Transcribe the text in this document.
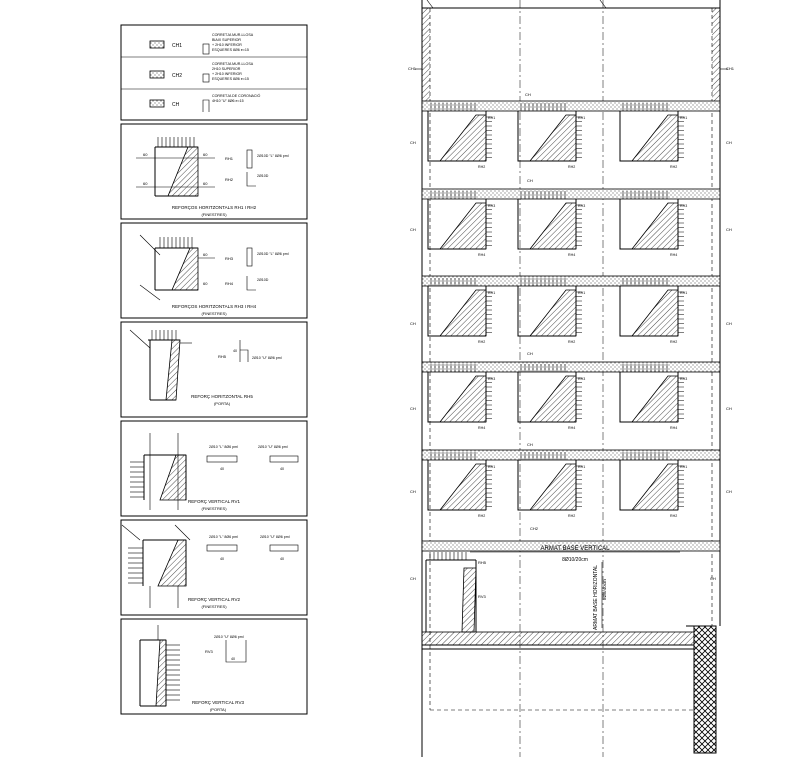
CH1
CORRETJA MUR-LLOSA
BIAIX SUPERIOR
+ 2H10 INFERIOR
ESQUERES 8Ø6 e=15
CH2
CORRETJA MUR-LLOSA
2H10 SUPERIOR
+ 2H10 INFERIOR
ESQUERES 8Ø6 e=15
CH
CORRETJA DE CORONACIÓ
4H10 "U" 8Ø6 e=15
60
60
60
60
RH1	2Ø10D "L" 8Ø6 pml
RH2
2Ø10D
REFORÇOS HORITZONTALS RH1 I RH2
(FINESTRES)
60
60
RH3
2Ø10D "L" 8Ø6 pml
RH4
2Ø10D
REFORÇOS HORITZONTALS RH3 I RH4
(FINESTRES)
RH5
40
2Ø10 "U" 8Ø6 pml
REFORÇ HORITZONTAL RH5
(PORTA)
2Ø10 "L" 8Ø6 pml
40
2Ø10 "U" 8Ø6 pml
40
REFORÇ VERTICAL RV1
(FINESTRES)
2Ø10 "L" 8Ø6 pml
40
2Ø10 "U" 8Ø6 pml
40
REFORÇ VERTICAL RV2
(FINESTRES)
2Ø10 "U" 8Ø6 pml
RV3
40
REFORÇ VERTICAL RV3
(PORTA)
CH1	CH1
CH
CH
CH
CH
CH
CH
CH
CH
CH
CH
CH
CH
CH
CH
CH
CH
CH2
RH1
RH2
RH1
RH2
RH1
RH2
RH3
RH4
RH3
RH4
RH3
RH4
RH1
RH2
RH1
RH2
RH1
RH2
RH3
RH4
RH3
RH4
RH3
RH4
RH1
RH2
RH1
RH2
RH1
RH2
RH5
RV3
ARMAT BASE VERTICAL
8Ø10/20cm
ARMAT BASE HORIZONTAL 8Ø8/40cm
